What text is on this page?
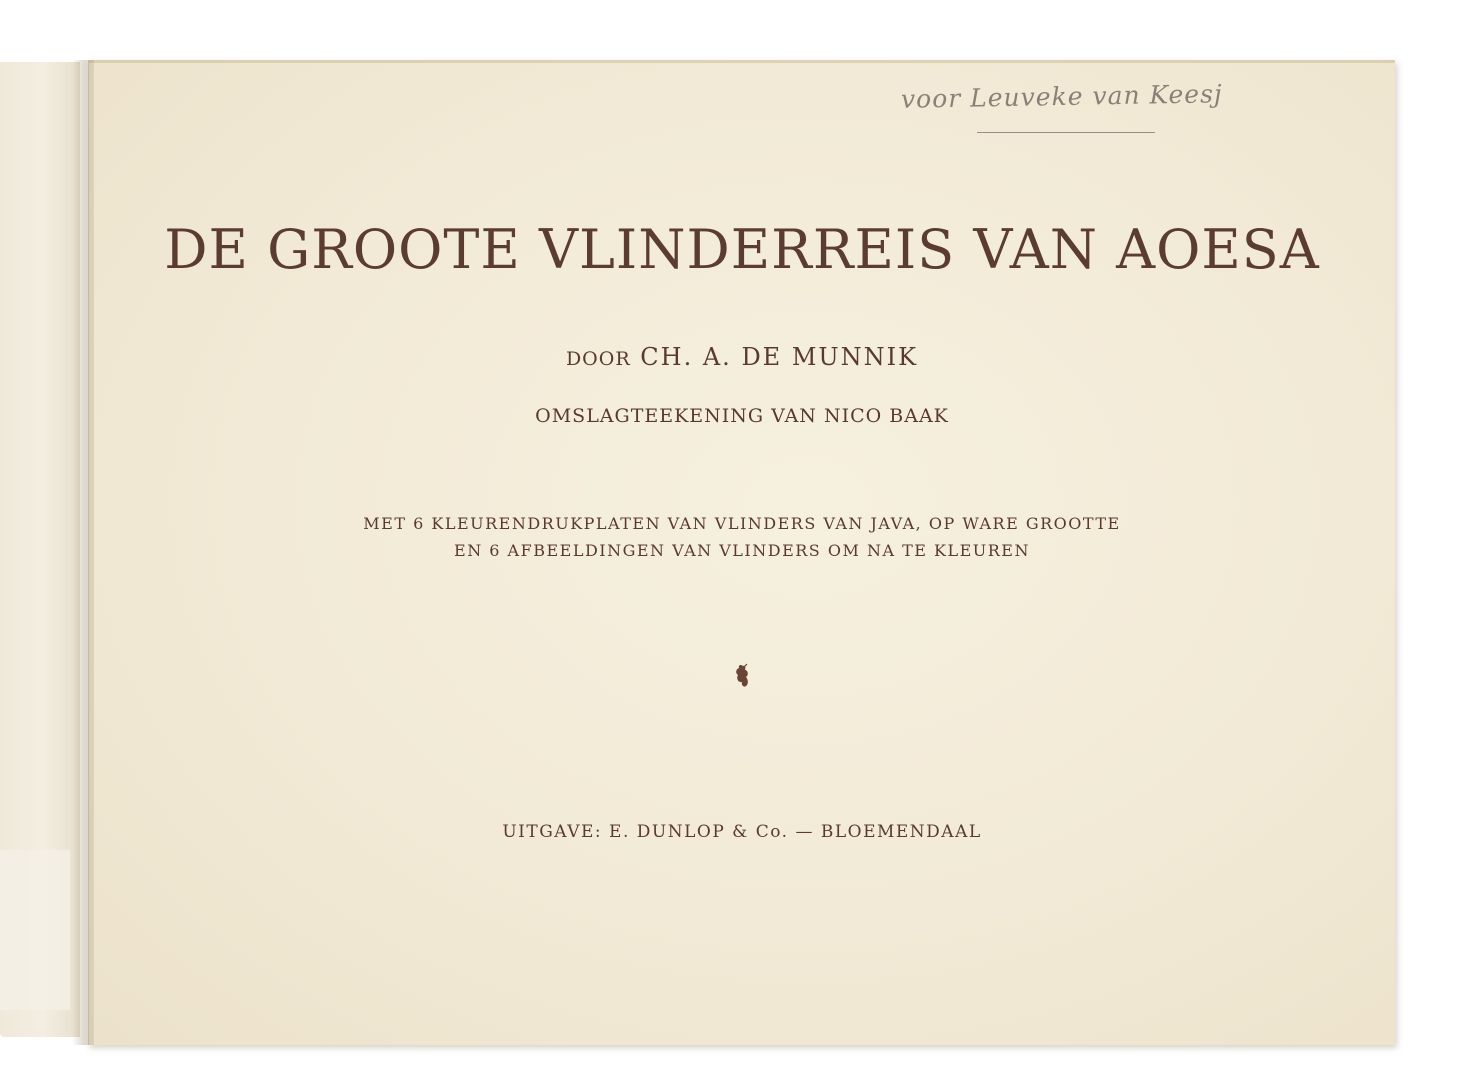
voor Leuveke van Keesj
DE GROOTE VLINDERREIS VAN AOESA
DOOR CH. A. DE MUNNIK
OMSLAGTEEKENING VAN NICO BAAK
MET 6 KLEURENDRUKPLATEN VAN VLINDERS VAN JAVA, OP WARE GROOTTE
EN 6 AFBEELDINGEN VAN VLINDERS OM NA TE KLEUREN
UITGAVE: E. DUNLOP & Co. — BLOEMENDAAL
